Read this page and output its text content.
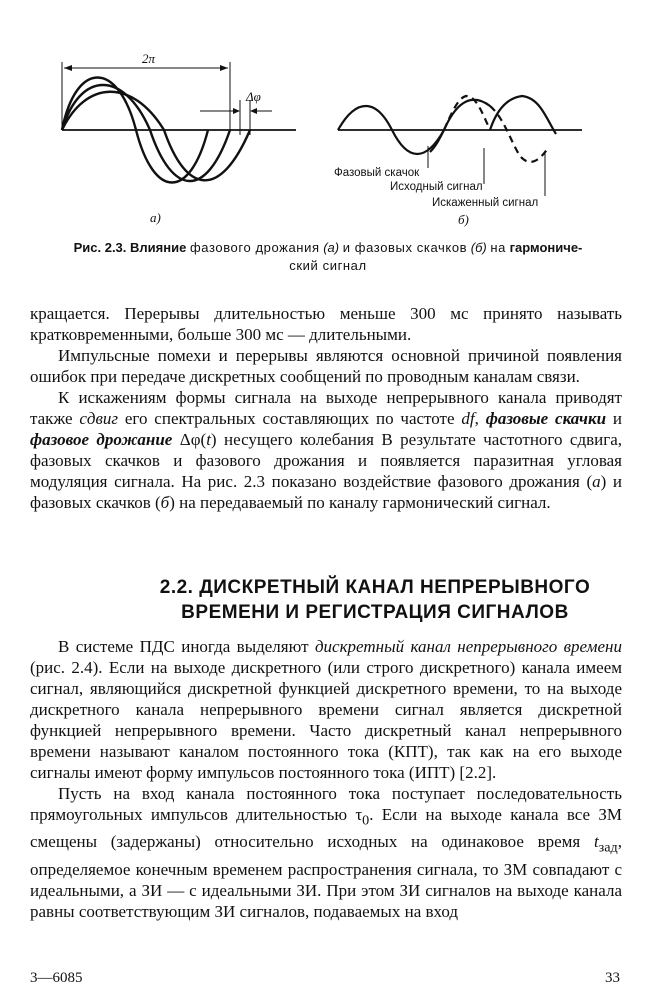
2π
Δφ
а)
Фазовый скачок
Исходный сигнал
Искаженный сигнал
б)
Рис. 2.3. Влияние фазового дрожания (а) и фазовых скачков (б) на гармониче-
ский сигнал

кращается. Перерывы длительностью меньше 300 мс принято называть кратковременными, больше 300 мс — длительными.

Импульсные помехи и перерывы являются основной причиной появления ошибок при передаче дискретных сообщений по проводным каналам связи.

К искажениям формы сигнала на выходе непрерывного канала приводят также сдвиг его спектральных составляющих по частоте df, фазовые скачки и фазовое дрожание Δφ(t) несущего колебания В результате частотного сдвига, фазовых скачков и фазового дрожания и появляется паразитная угловая модуляция сигнала. На рис. 2.3 показано воздействие фазового дрожания (а) и фазовых скачков (б) на передаваемый по каналу гармонический сигнал.

2.2. ДИСКРЕТНЫЙ КАНАЛ НЕПРЕРЫВНОГО
ВРЕМЕНИ И РЕГИСТРАЦИЯ СИГНАЛОВ

В системе ПДС иногда выделяют дискретный канал непрерывного времени (рис. 2.4). Если на выходе дискретного (или строго дискретного) канала имеем сигнал, являющийся дискретной функцией дискретного времени, то на выходе дискретного канала непрерывного времени сигнал является дискретной функцией непрерывного времени. Часто дискретный канал непрерывного времени называют каналом постоянного тока (КПТ), так как на его выходе сигналы имеют форму импульсов постоянного тока (ИПТ) [2.2].

Пусть на вход канала постоянного тока поступает последовательность прямоугольных импульсов длительностью $\tau_0$. Если на выходе канала все ЗМ смещены (задержаны) относительно исходных на одинаковое время $t_{зад}$, определяемое конечным временем распространения сигнала, то ЗМ совпадают с идеальными, а ЗИ — с идеальными ЗИ. При этом ЗИ сигналов на выходе канала равны соответствующим ЗИ сигналов, подаваемых на вход

3—6085	33
